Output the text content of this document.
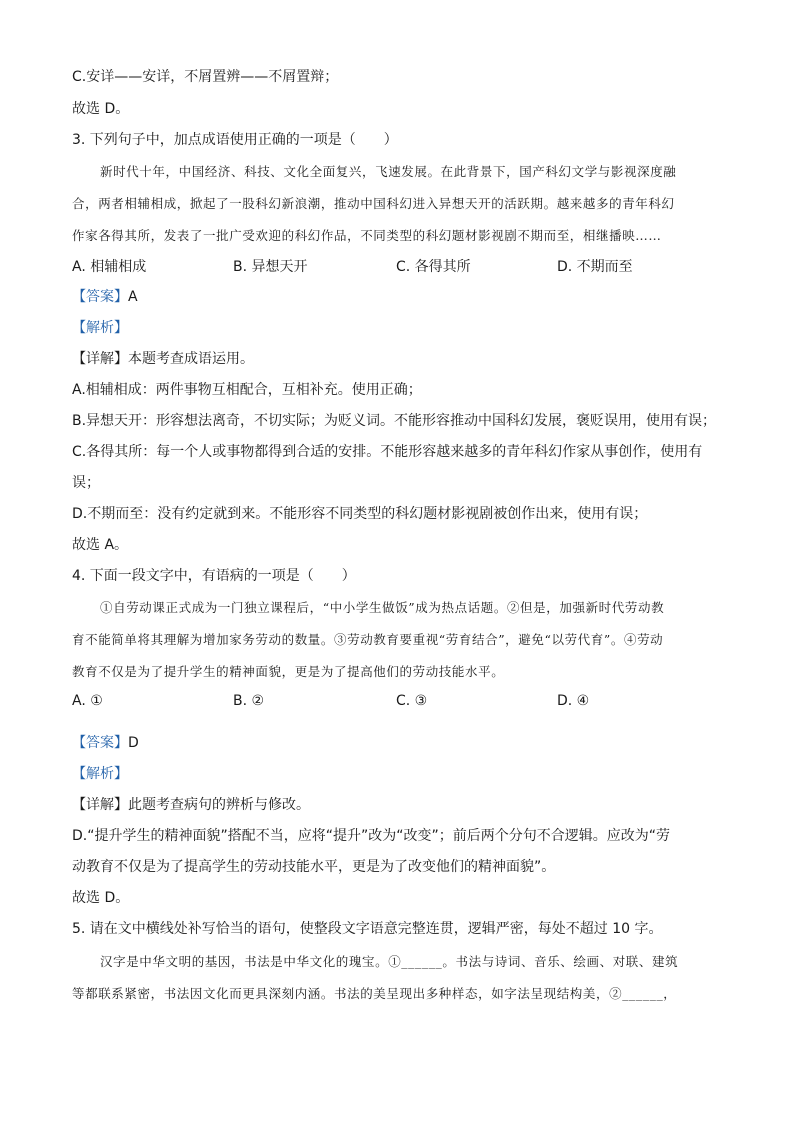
C.安详——安详，不屑置辨——不屑置辩；
故选 D。
3. 下列句子中，加点成语使用正确的一项是（　　）
新时代十年，中国经济、科技、文化全面复兴，飞速发展。在此背景下，国产科幻文学与影视深度融
合，两者相辅相成，掀起了一股科幻新浪潮，推动中国科幻进入异想天开的活跃期。越来越多的青年科幻
作家各得其所，发表了一批广受欢迎的科幻作品，不同类型的科幻题材影视剧不期而至，相继播映……
A. 相辅相成	B. 异想天开	C. 各得其所	D. 不期而至
【答案】A
【解析】
【详解】本题考查成语运用。
A.相辅相成：两件事物互相配合，互相补充。使用正确；
B.异想天开：形容想法离奇，不切实际；为贬义词。不能形容推动中国科幻发展，褒贬误用，使用有误；
C.各得其所：每一个人或事物都得到合适的安排。不能形容越来越多的青年科幻作家从事创作，使用有
误；
D.不期而至：没有约定就到来。不能形容不同类型的科幻题材影视剧被创作出来，使用有误；
故选 A。
4. 下面一段文字中，有语病的一项是（　　）
①自劳动课正式成为一门独立课程后，“中小学生做饭”成为热点话题。②但是，加强新时代劳动教
育不能简单将其理解为增加家务劳动的数量。③劳动教育要重视“劳育结合”，避免“以劳代育”。④劳动
教育不仅是为了提升学生的精神面貌，更是为了提高他们的劳动技能水平。
A. ①	B. ②	C. ③	D. ④
【答案】D
【解析】
【详解】此题考查病句的辨析与修改。
D.“提升学生的精神面貌”搭配不当，应将“提升”改为“改变”；前后两个分句不合逻辑。应改为“劳
动教育不仅是为了提高学生的劳动技能水平，更是为了改变他们的精神面貌”。
故选 D。
5. 请在文中横线处补写恰当的语句，使整段文字语意完整连贯，逻辑严密，每处不超过 10 字。
汉字是中华文明的基因，书法是中华文化的瑰宝。①______。书法与诗词、音乐、绘画、对联、建筑
等都联系紧密，书法因文化而更具深刻内涵。书法的美呈现出多种样态，如字法呈现结构美，②______，
